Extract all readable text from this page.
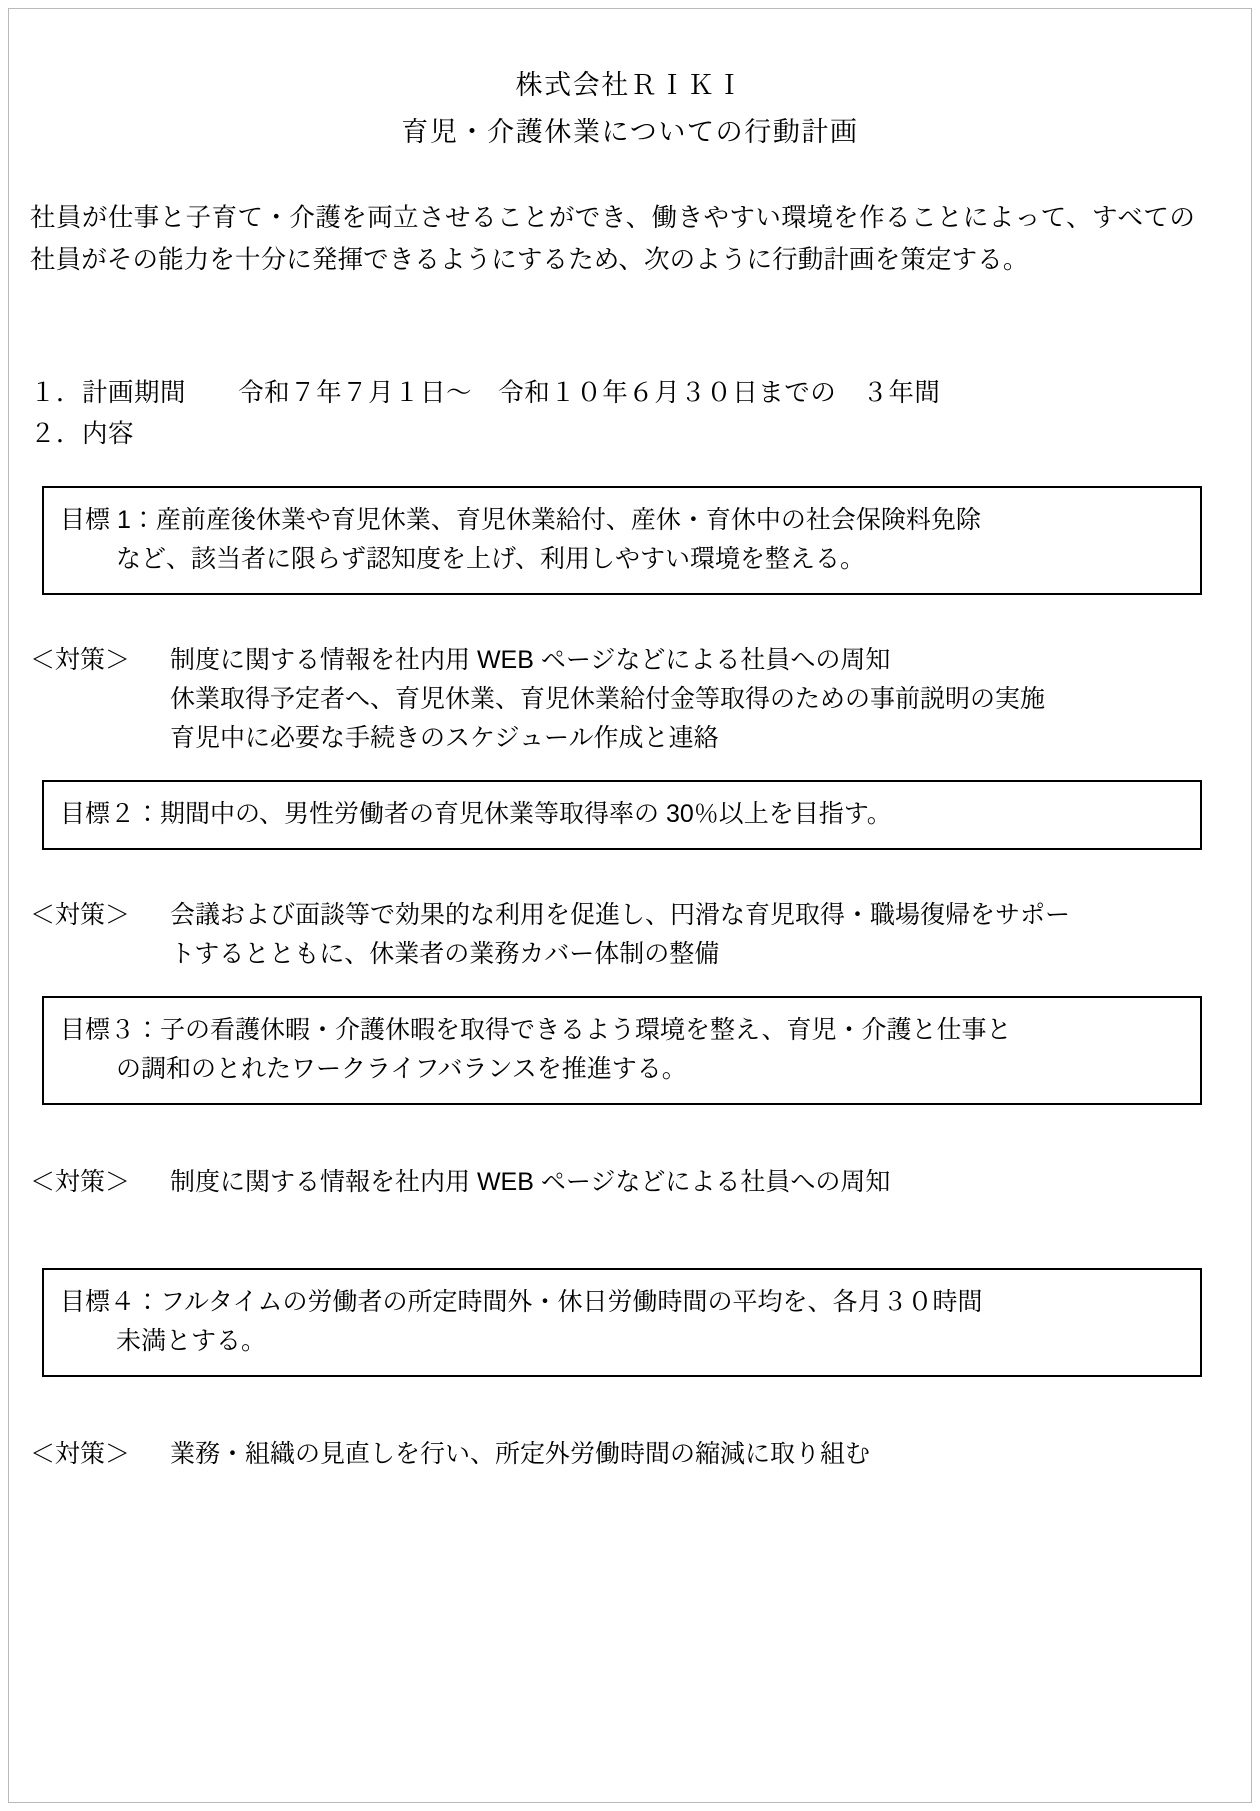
株式会社ＲＩＫＩ
育児・介護休業についての行動計画
社員が仕事と子育て・介護を両立させることができ、働きやすい環境を作ることによって、すべての社員がその能力を十分に発揮できるようにするため、次のように行動計画を策定する。
１．計画期間　　令和７年７月１日〜　令和１０年６月３０日までの　３年間
２．内容
目標 1：産前産後休業や育児休業、育児休業給付、産休・育休中の社会保険料免除
など、該当者に限らず認知度を上げ、利用しやすい環境を整える。
＜対策＞	制度に関する情報を社内用 WEB ページなどによる社員への周知
休業取得予定者へ、育児休業、育児休業給付金等取得のための事前説明の実施
育児中に必要な手続きのスケジュール作成と連絡
目標２：期間中の、男性労働者の育児休業等取得率の 30％以上を目指す。
＜対策＞	会議および面談等で効果的な利用を促進し、円滑な育児取得・職場復帰をサポー
トするとともに、休業者の業務カバー体制の整備
目標３：子の看護休暇・介護休暇を取得できるよう環境を整え、育児・介護と仕事と
の調和のとれたワークライフバランスを推進する。
＜対策＞	制度に関する情報を社内用 WEB ページなどによる社員への周知
目標４：フルタイムの労働者の所定時間外・休日労働時間の平均を、各月３０時間
未満とする。
＜対策＞	業務・組織の見直しを行い、所定外労働時間の縮減に取り組む
